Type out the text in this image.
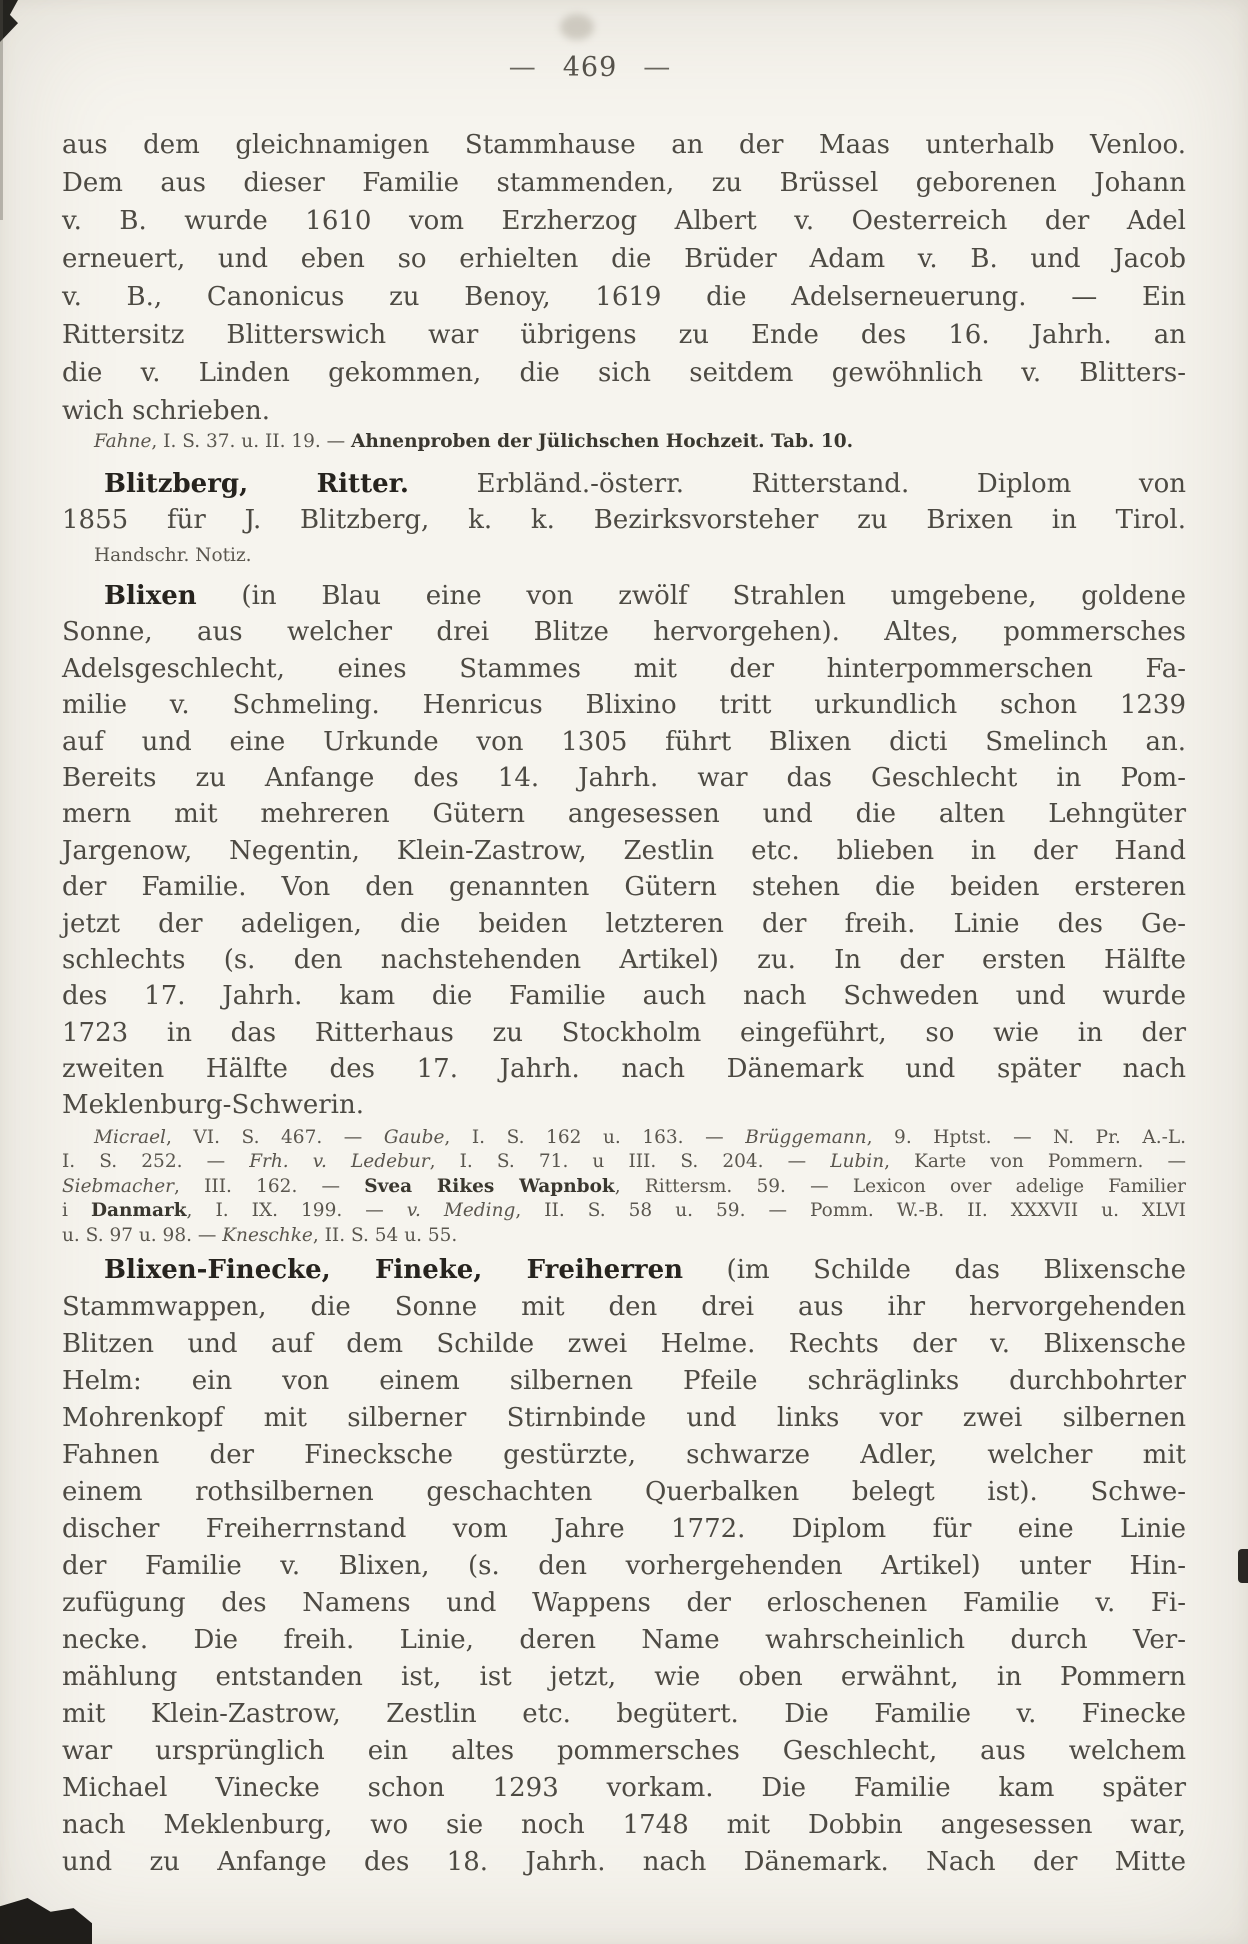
— 469 —
aus dem gleichnamigen Stammhause an der Maas unterhalb Venloo.
Dem aus dieser Familie stammenden, zu Brüssel geborenen Johann
v. B. wurde 1610 vom Erzherzog Albert v. Oesterreich der Adel
erneuert, und eben so erhielten die Brüder Adam v. B. und Jacob
v. B., Canonicus zu Benoy, 1619 die Adelserneuerung. — Ein
Rittersitz Blitterswich war übrigens zu Ende des 16. Jahrh. an
die v. Linden gekommen, die sich seitdem gewöhnlich v. Blitters-
wich schrieben.
Fahne, I. S. 37. u. II. 19. — Ahnenproben der Jülichschen Hochzeit. Tab. 10.
Blitzberg, Ritter. Erbländ.-österr. Ritterstand. Diplom von
1855 für J. Blitzberg, k. k. Bezirksvorsteher zu Brixen in Tirol.
Handschr. Notiz.
Blixen (in Blau eine von zwölf Strahlen umgebene, goldene
Sonne, aus welcher drei Blitze hervorgehen). Altes, pommersches
Adelsgeschlecht, eines Stammes mit der hinterpommerschen Fa-
milie v. Schmeling. Henricus Blixino tritt urkundlich schon 1239
auf und eine Urkunde von 1305 führt Blixen dicti Smelinch an.
Bereits zu Anfange des 14. Jahrh. war das Geschlecht in Pom-
mern mit mehreren Gütern angesessen und die alten Lehngüter
Jargenow, Negentin, Klein-Zastrow, Zestlin etc. blieben in der Hand
der Familie. Von den genannten Gütern stehen die beiden ersteren
jetzt der adeligen, die beiden letzteren der freih. Linie des Ge-
schlechts (s. den nachstehenden Artikel) zu. In der ersten Hälfte
des 17. Jahrh. kam die Familie auch nach Schweden und wurde
1723 in das Ritterhaus zu Stockholm eingeführt, so wie in der
zweiten Hälfte des 17. Jahrh. nach Dänemark und später nach
Meklenburg-Schwerin.
Micrael, VI. S. 467. — Gaube, I. S. 162 u. 163. — Brüggemann, 9. Hptst. — N. Pr. A.-L.
I. S. 252. — Frh. v. Ledebur, I. S. 71. u III. S. 204. — Lubin, Karte von Pommern. —
Siebmacher, III. 162. — Svea Rikes Wapnbok, Rittersm. 59. — Lexicon over adelige Familier
i Danmark, I. IX. 199. — v. Meding, II. S. 58 u. 59. — Pomm. W.-B. II. XXXVII u. XLVI
u. S. 97 u. 98. — Kneschke, II. S. 54 u. 55.
Blixen-Finecke, Fineke, Freiherren (im Schilde das Blixensche
Stammwappen, die Sonne mit den drei aus ihr hervorgehenden
Blitzen und auf dem Schilde zwei Helme. Rechts der v. Blixensche
Helm: ein von einem silbernen Pfeile schräglinks durchbohrter
Mohrenkopf mit silberner Stirnbinde und links vor zwei silbernen
Fahnen der Finecksche gestürzte, schwarze Adler, welcher mit
einem rothsilbernen geschachten Querbalken belegt ist). Schwe-
discher Freiherrnstand vom Jahre 1772. Diplom für eine Linie
der Familie v. Blixen, (s. den vorhergehenden Artikel) unter Hin-
zufügung des Namens und Wappens der erloschenen Familie v. Fi-
necke. Die freih. Linie, deren Name wahrscheinlich durch Ver-
mählung entstanden ist, ist jetzt, wie oben erwähnt, in Pommern
mit Klein-Zastrow, Zestlin etc. begütert. Die Familie v. Finecke
war ursprünglich ein altes pommersches Geschlecht, aus welchem
Michael Vinecke schon 1293 vorkam. Die Familie kam später
nach Meklenburg, wo sie noch 1748 mit Dobbin angesessen war,
und zu Anfange des 18. Jahrh. nach Dänemark. Nach der Mitte
